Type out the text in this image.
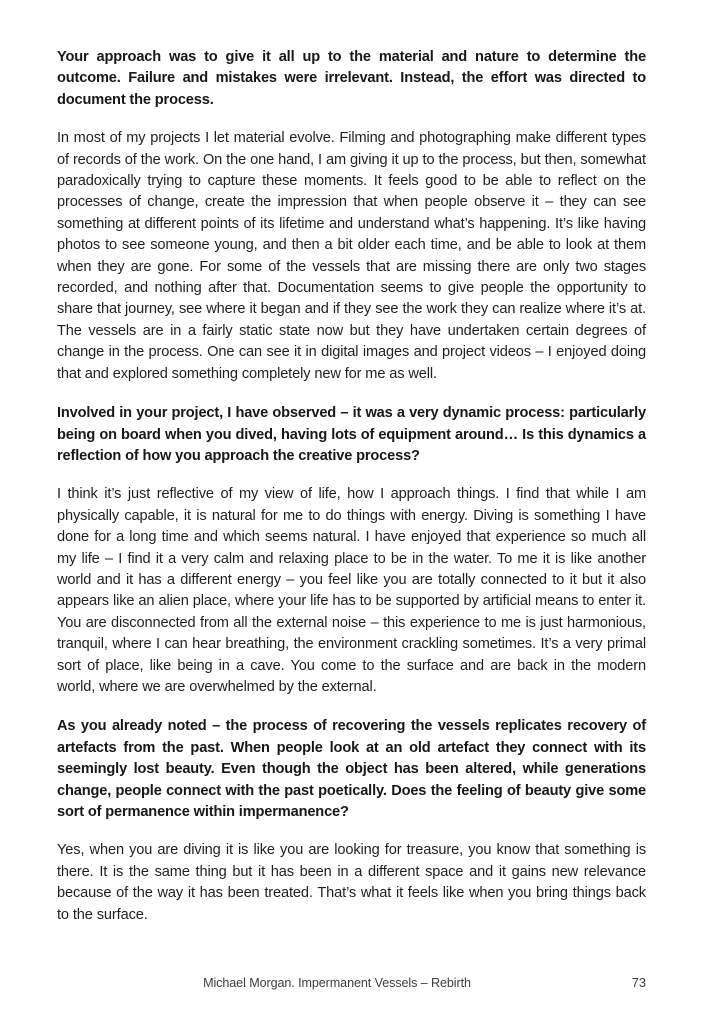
Your approach was to give it all up to the material and nature to determine the outcome. Failure and mistakes were irrelevant. Instead, the effort was directed to document the process.

In most of my projects I let material evolve. Filming and photographing make different types of records of the work. On the one hand, I am giving it up to the process, but then, somewhat paradoxically trying to capture these moments. It feels good to be able to reflect on the processes of change, create the impression that when people observe it – they can see something at different points of its lifetime and understand what’s happening. It’s like having photos to see someone young, and then a bit older each time, and be able to look at them when they are gone. For some of the vessels that are missing there are only two stages recorded, and nothing after that. Documentation seems to give people the opportunity to share that journey, see where it began and if they see the work they can realize where it’s at. The vessels are in a fairly static state now but they have undertaken certain degrees of change in the process. One can see it in digital images and project videos – I enjoyed doing that and explored something completely new for me as well.

Involved in your project, I have observed – it was a very dynamic process: particularly being on board when you dived, having lots of equipment around… Is this dynamics a reflection of how you approach the creative process?

I think it’s just reflective of my view of life, how I approach things. I find that while I am physically capable, it is natural for me to do things with energy. Diving is something I have done for a long time and which seems natural. I have enjoyed that experience so much all my life – I find it a very calm and relaxing place to be in the water. To me it is like another world and it has a different energy – you feel like you are totally connected to it but it also appears like an alien place, where your life has to be supported by artificial means to enter it. You are disconnected from all the external noise – this experience to me is just harmonious, tranquil, where I can hear breathing, the environment crackling sometimes. It’s a very primal sort of place, like being in a cave. You come to the surface and are back in the modern world, where we are overwhelmed by the external.

As you already noted – the process of recovering the vessels replicates recovery of artefacts from the past. When people look at an old artefact they connect with its seemingly lost beauty. Even though the object has been altered, while generations change, people connect with the past poetically. Does the feeling of beauty give some sort of permanence within impermanence?

Yes, when you are diving it is like you are looking for treasure, you know that something is there. It is the same thing but it has been in a different space and it gains new relevance because of the way it has been treated. That’s what it feels like when you bring things back to the surface.

Michael Morgan. Impermanent Vessels – Rebirth	73
